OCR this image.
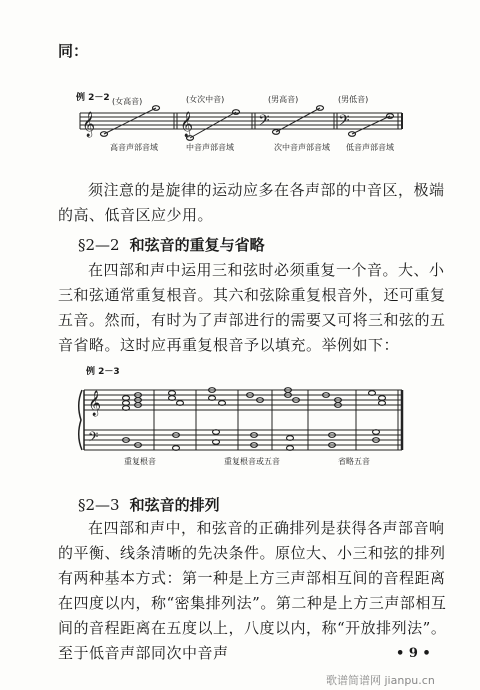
同：
例 2－2 (女高音)	(女次中音)	(男高音)	(男低音)
𝄞	𝄞	𝄢	𝄢
高音声部音域	中音声部音域	次中音声部音域 低音声部音域
须注意的是旋律的运动应多在各声部的中音区，极端的高、低音区应少用。
§2—2 和弦音的重复与省略
在四部和声中运用三和弦时必须重复一个音。大、小三和弦通常重复根音。其六和弦除重复根音外，还可重复五音。然而，有时为了声部进行的需要又可将三和弦的五音省略。这时应再重复根音予以填充。举例如下：
例 2－3
𝄞
𝄢
重复根音	重复根音或五音	省略五音
§2—3 和弦音的排列
在四部和声中，和弦音的正确排列是获得各声部音响的平衡、线条清晰的先决条件。原位大、小三和弦的排列有两种基本方式：第一种是上方三声部相互间的音程距离在四度以内，称“密集排列法”。第二种是上方三声部相互间的音程距离在五度以上，八度以内，称“开放排列法”。至于低音声部同次中音声	• 9 •
歌谱简谱网 jianpu.cn
